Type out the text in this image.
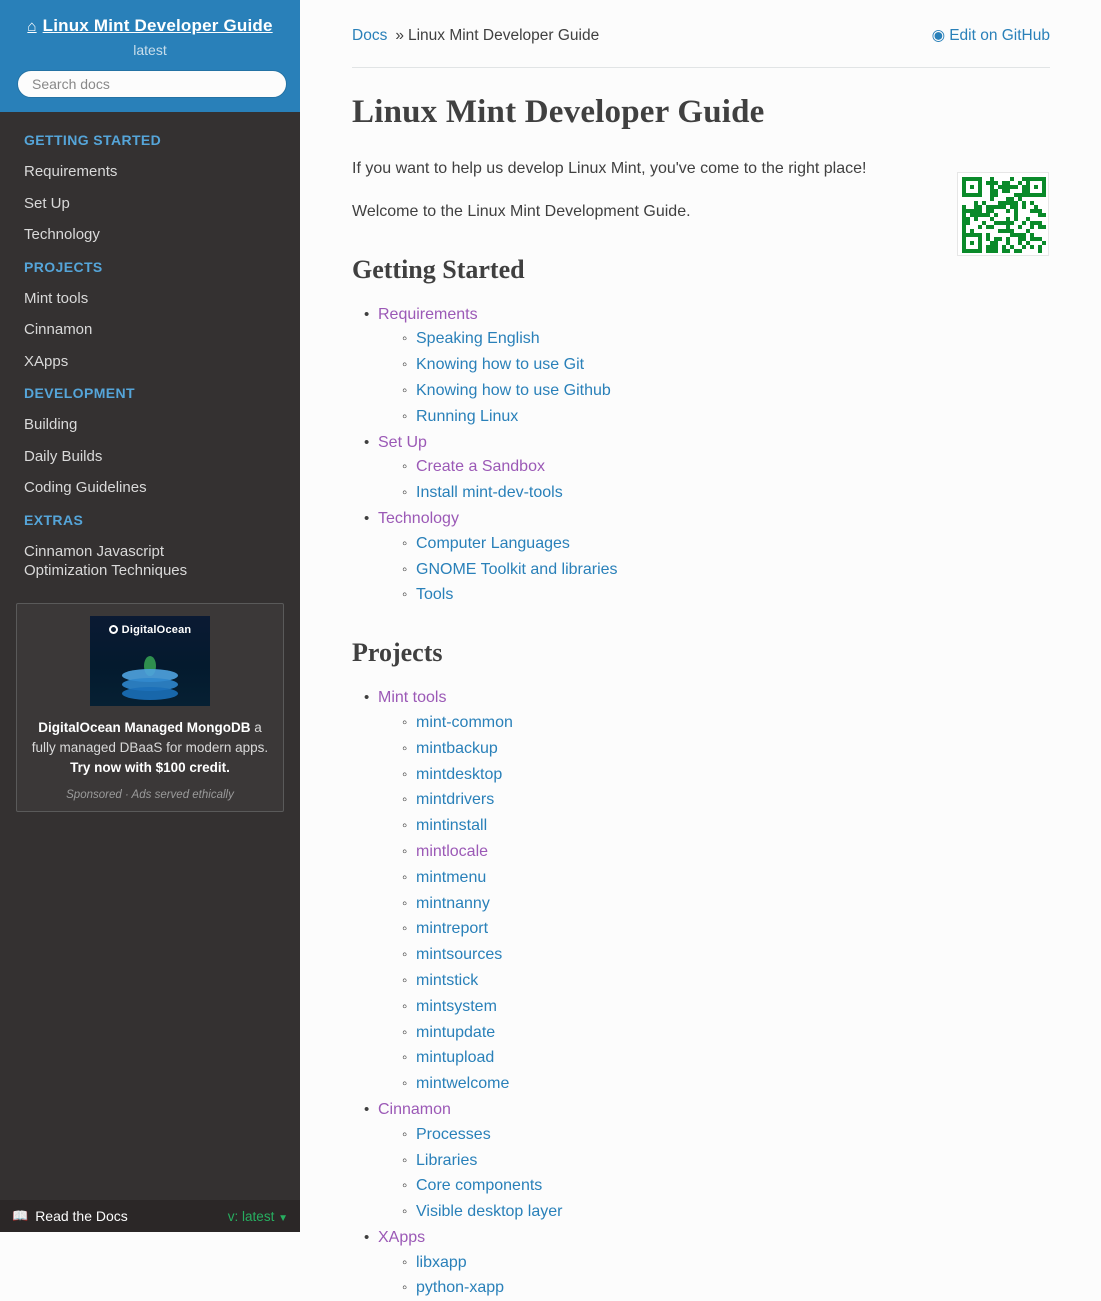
⌂ Linux Mint Developer Guide
latest
Search docs
GETTING STARTED
Requirements
Set Up
Technology
PROJECTS
Mint tools
Cinnamon
XApps
DEVELOPMENT
Building
Daily Builds
Coding Guidelines
EXTRAS
Cinnamon Javascript Optimization Techniques
DigitalOcean
DigitalOcean Managed MongoDB a fully managed DBaaS for modern apps. Try now with $100 credit.
Sponsored · Ads served ethically
📖 Read the Docs	v: latest ▼
Docs » Linux Mint Developer Guide	◉ Edit on GitHub
Linux Mint Developer Guide

If you want to help us develop Linux Mint, you've come to the right place!

Welcome to the Linux Mint Development Guide.

Getting Started
• Requirements
◦ Speaking English
◦ Knowing how to use Git
◦ Knowing how to use Github
◦ Running Linux
• Set Up
◦ Create a Sandbox
◦ Install mint-dev-tools
• Technology
◦ Computer Languages
◦ GNOME Toolkit and libraries
◦ Tools
Projects
• Mint tools
◦ mint-common
◦ mintbackup
◦ mintdesktop
◦ mintdrivers
◦ mintinstall
◦ mintlocale
◦ mintmenu
◦ mintnanny
◦ mintreport
◦ mintsources
◦ mintstick
◦ mintsystem
◦ mintupdate
◦ mintupload
◦ mintwelcome
• Cinnamon
◦ Processes
◦ Libraries
◦ Core components
◦ Visible desktop layer
• XApps
◦ libxapp
◦ python-xapp
